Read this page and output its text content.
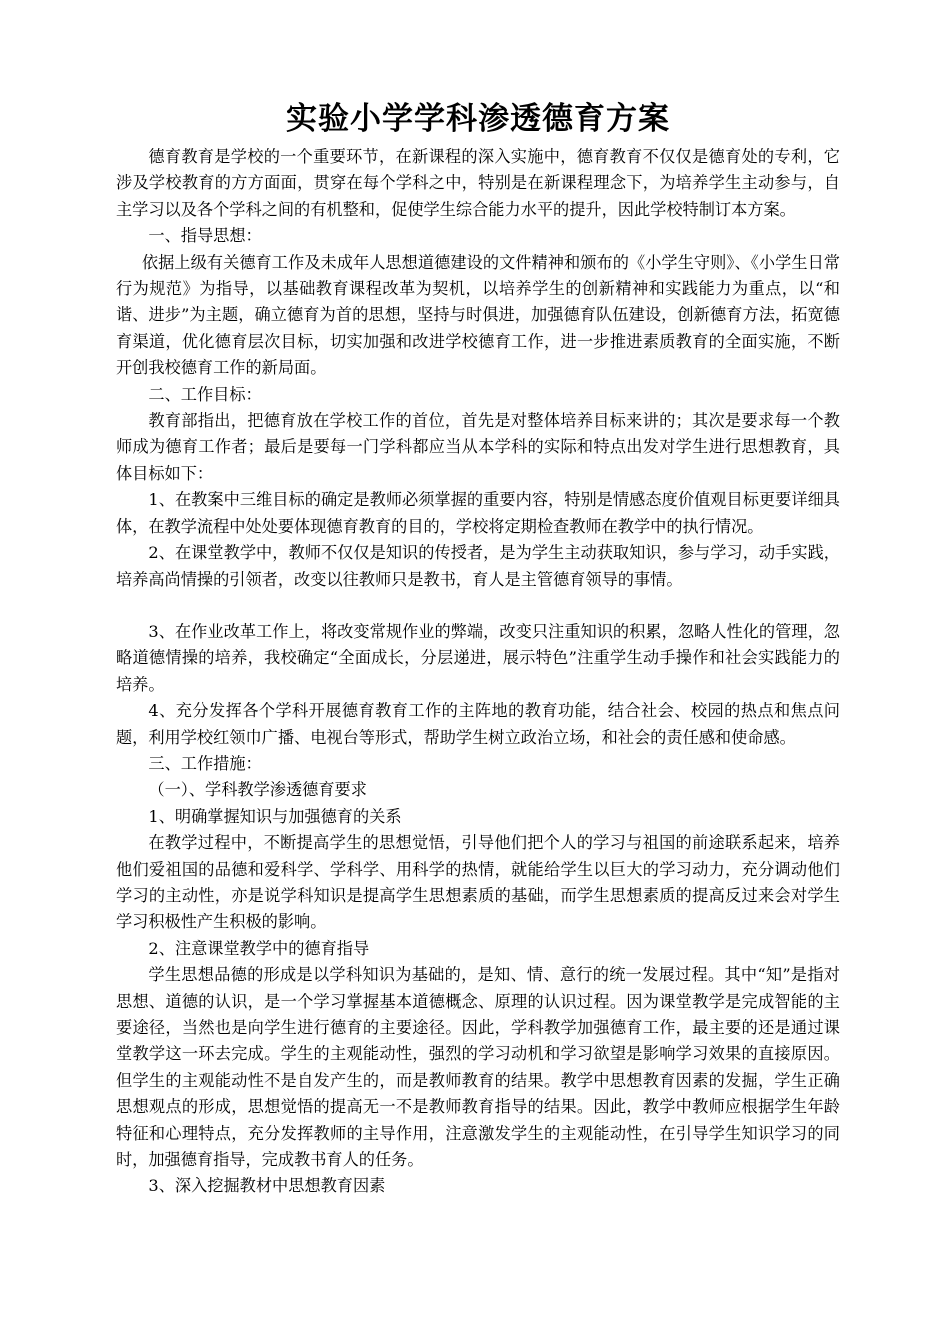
实验小学学科渗透德育方案

德育教育是学校的一个重要环节，在新课程的深入实施中，德育教育不仅仅是德育处的专利，它涉及学校教育的方方面面，贯穿在每个学科之中，特别是在新课程理念下，为培养学生主动参与，自主学习以及各个学科之间的有机整和，促使学生综合能力水平的提升，因此学校特制订本方案。

一、指导思想：

依据上级有关德育工作及未成年人思想道德建设的文件精神和颁布的《小学生守则》、《小学生日常行为规范》为指导，以基础教育课程改革为契机，以培养学生的创新精神和实践能力为重点，以“和谐、进步”为主题，确立德育为首的思想，坚持与时俱进，加强德育队伍建设，创新德育方法，拓宽德育渠道，优化德育层次目标，切实加强和改进学校德育工作，进一步推进素质教育的全面实施，不断开创我校德育工作的新局面。

二、工作目标：

教育部指出，把德育放在学校工作的首位，首先是对整体培养目标来讲的；其次是要求每一个教师成为德育工作者；最后是要每一门学科都应当从本学科的实际和特点出发对学生进行思想教育，具体目标如下：

1、在教案中三维目标的确定是教师必须掌握的重要内容，特别是情感态度价值观目标更要详细具体，在教学流程中处处要体现德育教育的目的，学校将定期检查教师在教学中的执行情况。

2、在课堂教学中，教师不仅仅是知识的传授者，是为学生主动获取知识，参与学习，动手实践，培养高尚情操的引领者，改变以往教师只是教书，育人是主管德育领导的事情。

3、在作业改革工作上，将改变常规作业的弊端，改变只注重知识的积累，忽略人性化的管理，忽略道德情操的培养，我校确定“全面成长，分层递进，展示特色”注重学生动手操作和社会实践能力的培养。

4、充分发挥各个学科开展德育教育工作的主阵地的教育功能，结合社会、校园的热点和焦点问题，利用学校红领巾广播、电视台等形式，帮助学生树立政治立场，和社会的责任感和使命感。

三、工作措施：

（一）、学科教学渗透德育要求

1、明确掌握知识与加强德育的关系

在教学过程中，不断提高学生的思想觉悟，引导他们把个人的学习与祖国的前途联系起来，培养他们爱祖国的品德和爱科学、学科学、用科学的热情，就能给学生以巨大的学习动力，充分调动他们学习的主动性，亦是说学科知识是提高学生思想素质的基础，而学生思想素质的提高反过来会对学生学习积极性产生积极的影响。

2、注意课堂教学中的德育指导

学生思想品德的形成是以学科知识为基础的，是知、情、意行的统一发展过程。其中“知”是指对思想、道德的认识，是一个学习掌握基本道德概念、原理的认识过程。因为课堂教学是完成智能的主要途径，当然也是向学生进行德育的主要途径。因此，学科教学加强德育工作，最主要的还是通过课堂教学这一环去完成。学生的主观能动性，强烈的学习动机和学习欲望是影响学习效果的直接原因。但学生的主观能动性不是自发产生的，而是教师教育的结果。教学中思想教育因素的发掘，学生正确思想观点的形成，思想觉悟的提高无一不是教师教育指导的结果。因此，教学中教师应根据学生年龄特征和心理特点，充分发挥教师的主导作用，注意激发学生的主观能动性，在引导学生知识学习的同时，加强德育指导，完成教书育人的任务。

3、深入挖掘教材中思想教育因素
